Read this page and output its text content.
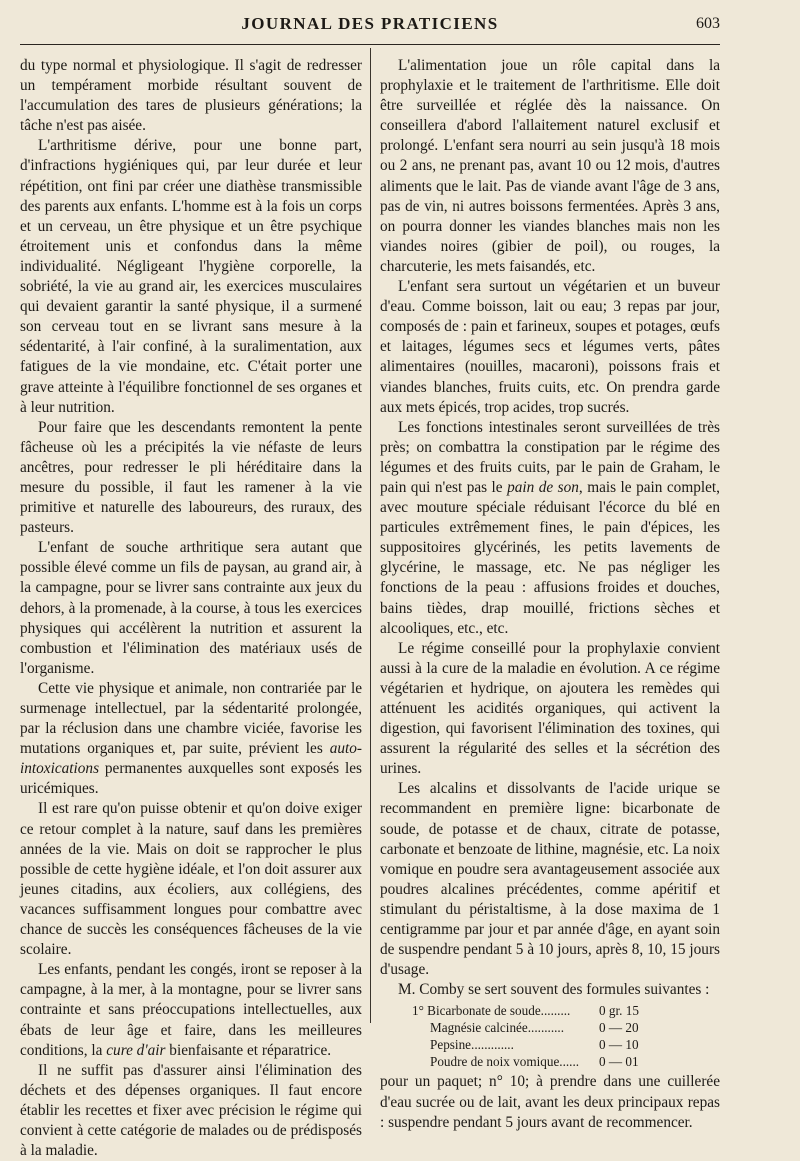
JOURNAL DES PRATICIENS	603

du type normal et physiologique. Il s'agit de redresser un tempérament morbide résultant souvent de l'accumulation des tares de plusieurs générations; la tâche n'est pas aisée.

L'arthritisme dérive, pour une bonne part, d'infractions hygiéniques qui, par leur durée et leur répétition, ont fini par créer une diathèse transmissible des parents aux enfants. L'homme est à la fois un corps et un cerveau, un être physique et un être psychique étroitement unis et confondus dans la même individualité. Négligeant l'hygiène corporelle, la sobriété, la vie au grand air, les exercices musculaires qui devaient garantir la santé physique, il a surmené son cerveau tout en se livrant sans mesure à la sédentarité, à l'air confiné, à la suralimentation, aux fatigues de la vie mondaine, etc. C'était porter une grave atteinte à l'équilibre fonctionnel de ses organes et à leur nutrition.

Pour faire que les descendants remontent la pente fâcheuse où les a précipités la vie néfaste de leurs ancêtres, pour redresser le pli héréditaire dans la mesure du possible, il faut les ramener à la vie primitive et naturelle des laboureurs, des ruraux, des pasteurs.

L'enfant de souche arthritique sera autant que possible élevé comme un fils de paysan, au grand air, à la campagne, pour se livrer sans contrainte aux jeux du dehors, à la promenade, à la course, à tous les exercices physiques qui accélèrent la nutrition et assurent la combustion et l'élimination des matériaux usés de l'organisme.

Cette vie physique et animale, non contrariée par le surmenage intellectuel, par la sédentarité prolongée, par la réclusion dans une chambre viciée, favorise les mutations organiques et, par suite, prévient les auto-intoxications permanentes auxquelles sont exposés les uricémiques.

Il est rare qu'on puisse obtenir et qu'on doive exiger ce retour complet à la nature, sauf dans les premières années de la vie. Mais on doit se rapprocher le plus possible de cette hygiène idéale, et l'on doit assurer aux jeunes citadins, aux écoliers, aux collégiens, des vacances suffisamment longues pour combattre avec chance de succès les conséquences fâcheuses de la vie scolaire.

Les enfants, pendant les congés, iront se reposer à la campagne, à la mer, à la montagne, pour se livrer sans contrainte et sans préoccupations intellectuelles, aux ébats de leur âge et faire, dans les meilleures conditions, la cure d'air bienfaisante et réparatrice.

Il ne suffit pas d'assurer ainsi l'élimination des déchets et des dépenses organiques. Il faut encore établir les recettes et fixer avec précision le régime qui convient à cette catégorie de malades ou de prédisposés à la maladie.

L'alimentation joue un rôle capital dans la prophylaxie et le traitement de l'arthritisme. Elle doit être surveillée et réglée dès la naissance. On conseillera d'abord l'allaitement naturel exclusif et prolongé. L'enfant sera nourri au sein jusqu'à 18 mois ou 2 ans, ne prenant pas, avant 10 ou 12 mois, d'autres aliments que le lait. Pas de viande avant l'âge de 3 ans, pas de vin, ni autres boissons fermentées. Après 3 ans, on pourra donner les viandes blanches mais non les viandes noires (gibier de poil), ou rouges, la charcuterie, les mets faisandés, etc.

L'enfant sera surtout un végétarien et un buveur d'eau. Comme boisson, lait ou eau; 3 repas par jour, composés de : pain et farineux, soupes et potages, œufs et laitages, légumes secs et légumes verts, pâtes alimentaires (nouilles, macaroni), poissons frais et viandes blanches, fruits cuits, etc. On prendra garde aux mets épicés, trop acides, trop sucrés.

Les fonctions intestinales seront surveillées de très près; on combattra la constipation par le régime des légumes et des fruits cuits, par le pain de Graham, le pain qui n'est pas le pain de son, mais le pain complet, avec mouture spéciale réduisant l'écorce du blé en particules extrêmement fines, le pain d'épices, les suppositoires glycérinés, les petits lavements de glycérine, le massage, etc. Ne pas négliger les fonctions de la peau : affusions froides et douches, bains tièdes, drap mouillé, frictions sèches et alcooliques, etc., etc.

Le régime conseillé pour la prophylaxie convient aussi à la cure de la maladie en évolution. A ce régime végétarien et hydrique, on ajoutera les remèdes qui atténuent les acidités organiques, qui activent la digestion, qui favorisent l'élimination des toxines, qui assurent la régularité des selles et la sécrétion des urines.

Les alcalins et dissolvants de l'acide urique se recommandent en première ligne: bicarbonate de soude, de potasse et de chaux, citrate de potasse, carbonate et benzoate de lithine, magnésie, etc. La noix vomique en poudre sera avantageusement associée aux poudres alcalines précédentes, comme apéritif et stimulant du péristaltisme, à la dose maxima de 1 centigramme par jour et par année d'âge, en ayant soin de suspendre pendant 5 à 10 jours, après 8, 10, 15 jours d'usage.

M. Comby se sert souvent des formules suivantes :

1° Bicarbonate de soude.........	0 gr. 15
Magnésie calcinée...........	0 — 20
Pepsine.............	0 — 10
Poudre de noix vomique......	0 — 01

pour un paquet; n° 10; à prendre dans une cuillerée d'eau sucrée ou de lait, avant les deux principaux repas : suspendre pendant 5 jours avant de recommencer.
